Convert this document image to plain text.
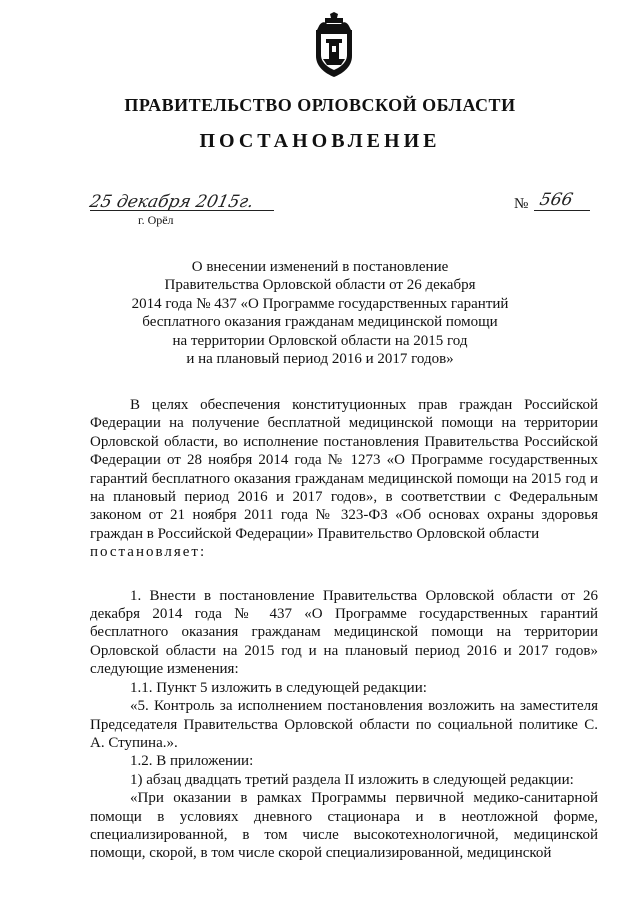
ПРАВИТЕЛЬСТВО ОРЛОВСКОЙ ОБЛАСТИ
ПОСТАНОВЛЕНИЕ
25 декабря 2015г.
г. Орёл
№ 566
О внесении изменений в постановление
Правительства Орловской области от 26 декабря
2014 года № 437 «О Программе государственных гарантий
бесплатного оказания гражданам медицинской помощи
на территории Орловской области на 2015 год
и на плановый период 2016 и 2017 годов»

В целях обеспечения конституционных прав граждан Российской Федерации на получение бесплатной медицинской помощи на территории Орловской области, во исполнение постановления Правительства Российской Федерации от 28 ноября 2014 года № 1273 «О Программе государственных гарантий бесплатного оказания гражданам медицинской помощи на 2015 год и на плановый период 2016 и 2017 годов», в соответствии с Федеральным законом от 21 ноября 2011 года № 323-ФЗ «Об основах охраны здоровья граждан в Российской Федерации» Правительство Орловской области

постановляет:

1. Внести в постановление Правительства Орловской области от 26 декабря 2014 года № 437 «О Программе государственных гарантий бесплатного оказания гражданам медицинской помощи на территории Орловской области на 2015 год и на плановый период 2016 и 2017 годов» следующие изменения:

1.1. Пункт 5 изложить в следующей редакции:

«5. Контроль за исполнением постановления возложить на заместителя Председателя Правительства Орловской области по социальной политике С. А. Ступина.».

1.2. В приложении:

1) абзац двадцать третий раздела II изложить в следующей редакции:

«При оказании в рамках Программы первичной медико-санитарной помощи в условиях дневного стационара и в неотложной форме, специализированной, в том числе высокотехнологичной, медицинской помощи, скорой, в том числе скорой специализированной, медицинской
